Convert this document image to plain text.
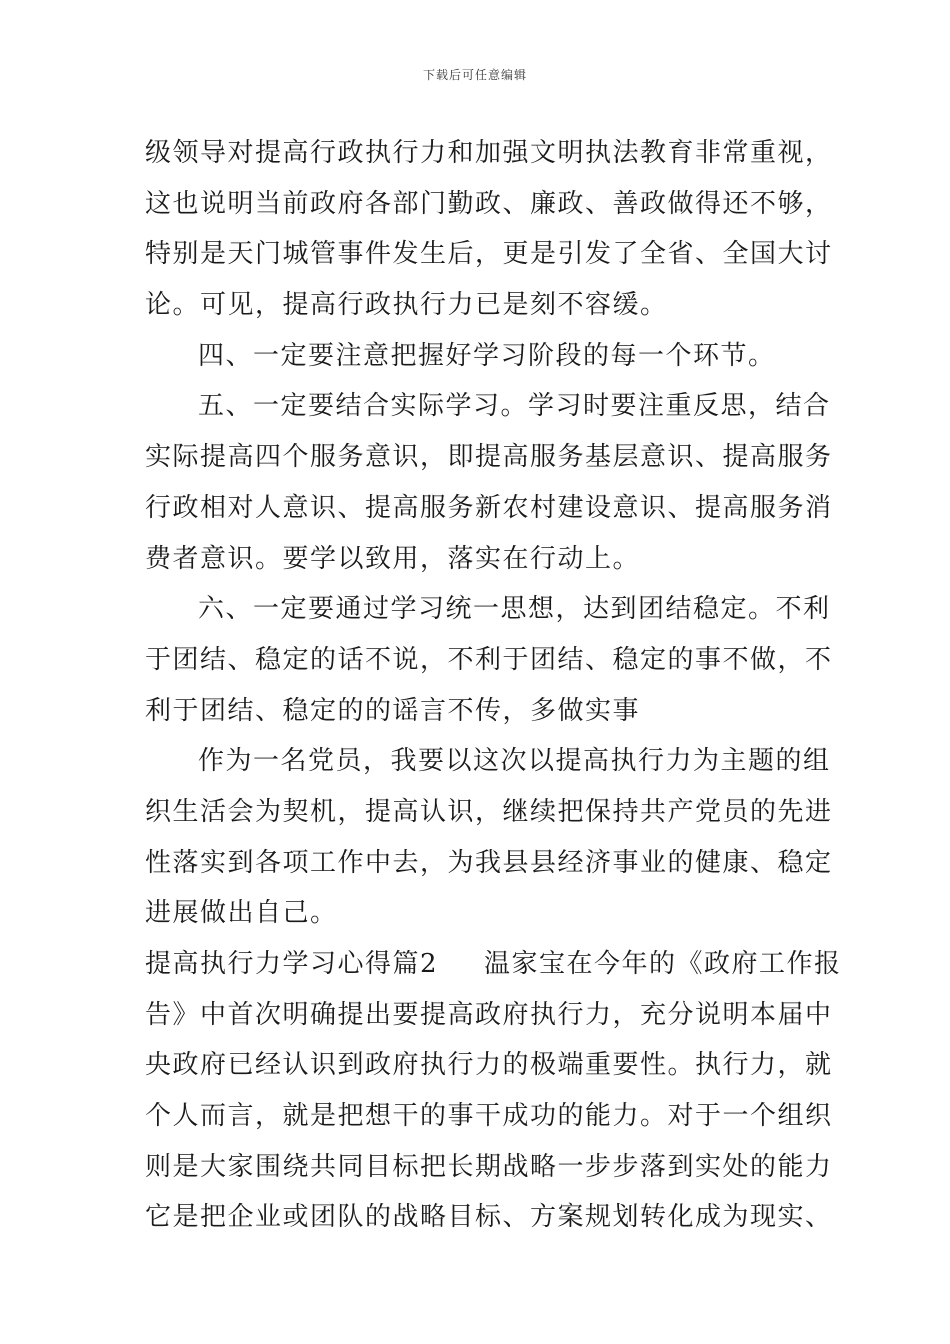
下载后可任意编辑
级领导对提高行政执行力和加强文明执法教育非常重视，
这也说明当前政府各部门勤政、廉政、善政做得还不够，
特别是天门城管事件发生后，更是引发了全省、全国大讨
论。可见，提高行政执行力已是刻不容缓。
四、一定要注意把握好学习阶段的每一个环节。
五、一定要结合实际学习。学习时要注重反思，结合
实际提高四个服务意识，即提高服务基层意识、提高服务
行政相对人意识、提高服务新农村建设意识、提高服务消
费者意识。要学以致用，落实在行动上。
六、一定要通过学习统一思想，达到团结稳定。不利
于团结、稳定的话不说，不利于团结、稳定的事不做，不
利于团结、稳定的的谣言不传，多做实事
作为一名党员，我要以这次以提高执行力为主题的组
织生活会为契机，提高认识，继续把保持共产党员的先进
性落实到各项工作中去，为我县县经济事业的健康、稳定
进展做出自己。
提高执行力学习心得篇2 温家宝在今年的《政府工作报
告》中首次明确提出要提高政府执行力，充分说明本届中
央政府已经认识到政府执行力的极端重要性。执行力，就
个人而言，就是把想干的事干成功的能力。对于一个组织
则是大家围绕共同目标把长期战略一步步落到实处的能力
它是把企业或团队的战略目标、方案规划转化成为现实、
